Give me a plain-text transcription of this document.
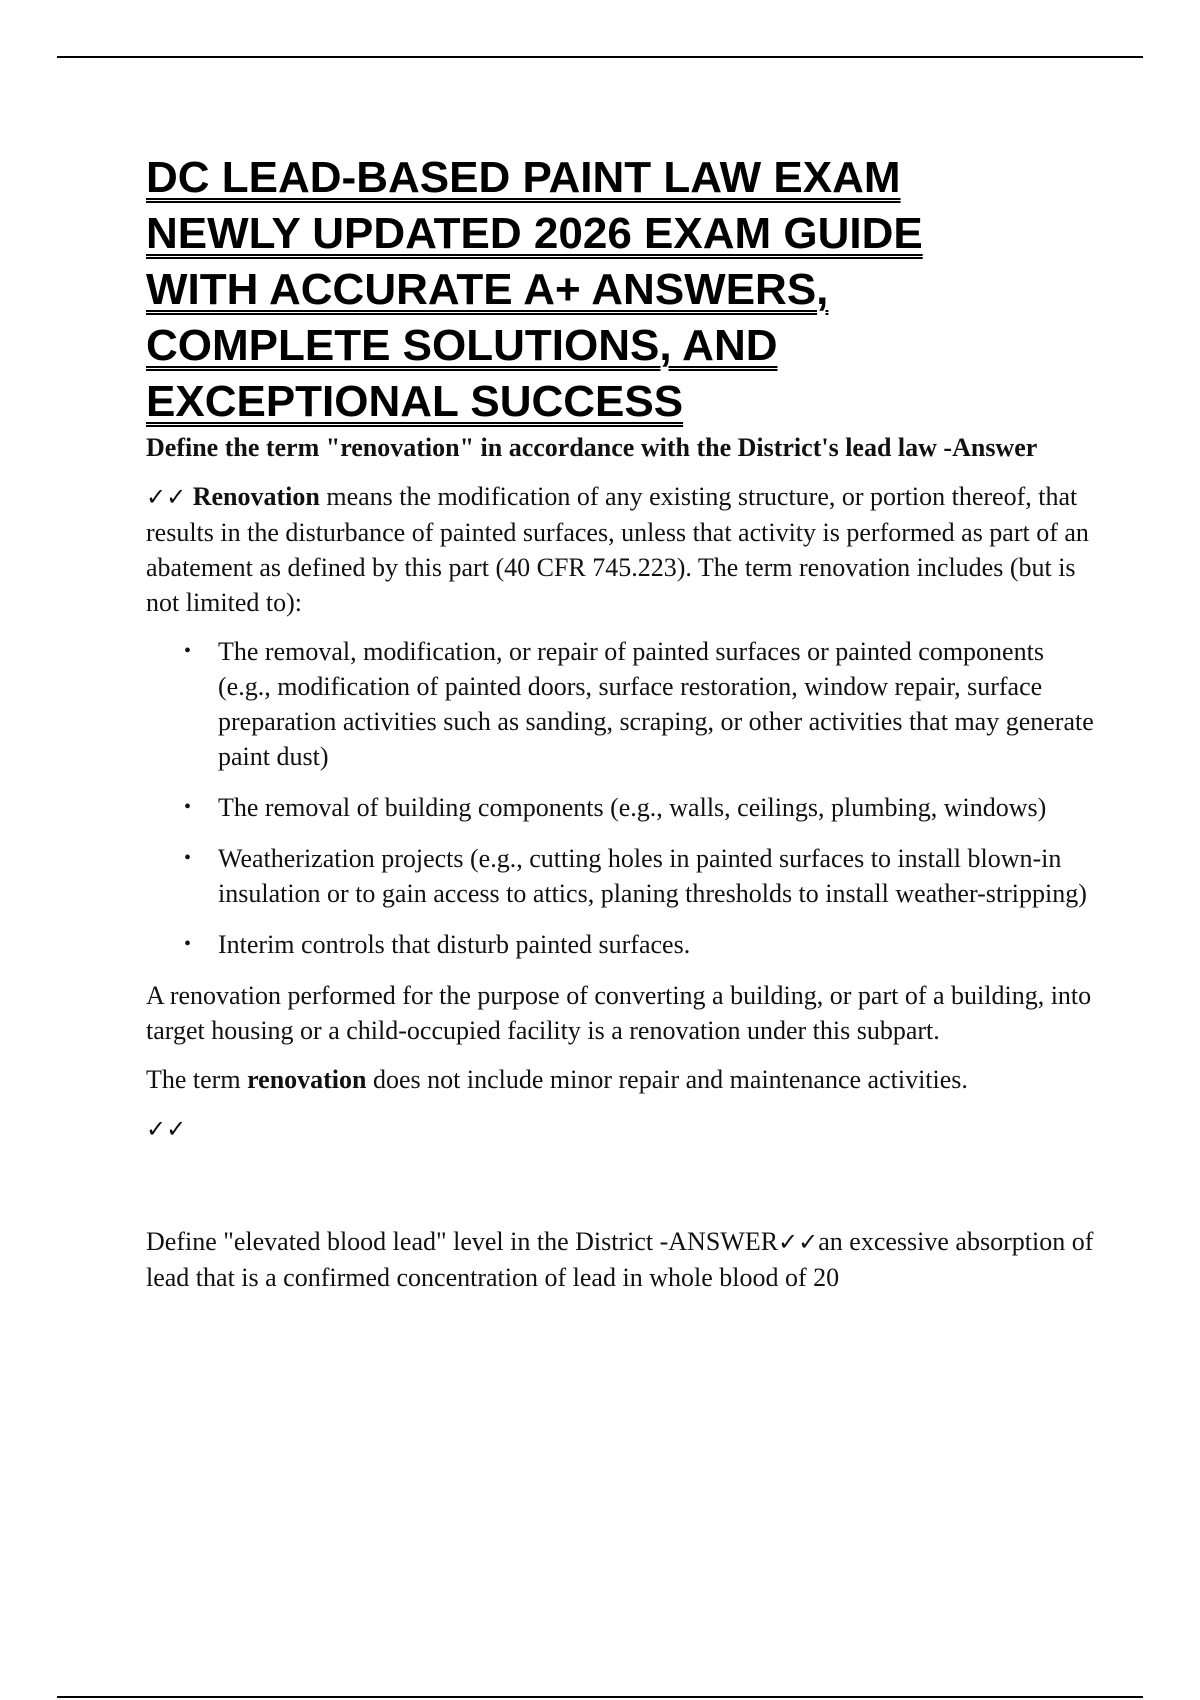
DC LEAD-BASED PAINT LAW EXAM
NEWLY UPDATED 2026 EXAM GUIDE
WITH ACCURATE A+ ANSWERS,
COMPLETE SOLUTIONS, AND
EXCEPTIONAL SUCCESS

Define the term "renovation" in accordance with the District's lead law -Answer

✓✓ Renovation means the modification of any existing structure, or portion thereof, that results in the disturbance of painted surfaces, unless that activity is performed as part of an abatement as defined by this part (40 CFR 745.223). The term renovation includes (but is not limited to):

• The removal, modification, or repair of painted surfaces or painted components (e.g., modification of painted doors, surface restoration, window repair, surface preparation activities such as sanding, scraping, or other activities that may generate paint dust)
• The removal of building components (e.g., walls, ceilings, plumbing, windows)
• Weatherization projects (e.g., cutting holes in painted surfaces to install blown-in insulation or to gain access to attics, planing thresholds to install weather-stripping)
• Interim controls that disturb painted surfaces.

A renovation performed for the purpose of converting a building, or part of a building, into target housing or a child-occupied facility is a renovation under this subpart.

The term renovation does not include minor repair and maintenance activities.

✓✓

Define "elevated blood lead" level in the District -ANSWER✓✓an excessive absorption of lead that is a confirmed concentration of lead in whole blood of 20
